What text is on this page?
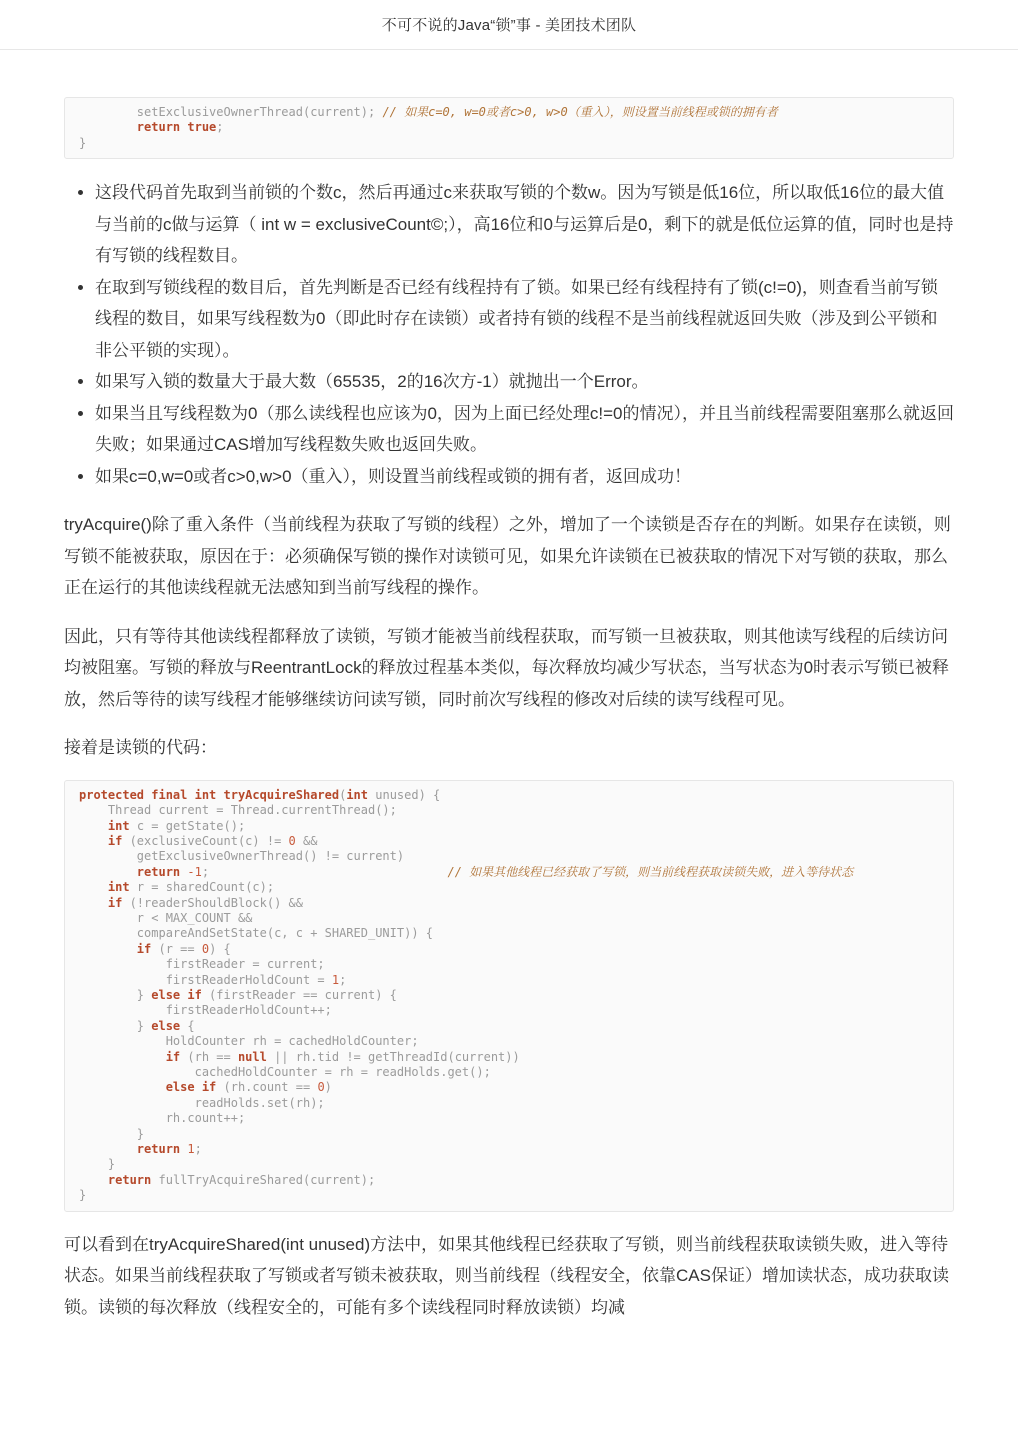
不可不说的Java“锁”事 - 美团技术团队
setExclusiveOwnerThread(current); // 如果c=0, w=0或者c>0, w>0（重入），则设置当前线程或锁的拥有者
return true;
}
• 这段代码首先取到当前锁的个数c，然后再通过c来获取写锁的个数w。因为写锁是低16位，所以取低16位的最大值与当前的c做与运算（ int w = exclusiveCount©;），高16位和0与运算后是0，剩下的就是低位运算的值，同时也是持有写锁的线程数目。
• 在取到写锁线程的数目后，首先判断是否已经有线程持有了锁。如果已经有线程持有了锁(c!=0)，则查看当前写锁线程的数目，如果写线程数为0（即此时存在读锁）或者持有锁的线程不是当前线程就返回失败（涉及到公平锁和非公平锁的实现）。
• 如果写入锁的数量大于最大数（65535，2的16次方-1）就抛出一个Error。
• 如果当且写线程数为0（那么读线程也应该为0，因为上面已经处理c!=0的情况），并且当前线程需要阻塞那么就返回失败；如果通过CAS增加写线程数失败也返回失败。
• 如果c=0,w=0或者c>0,w>0（重入），则设置当前线程或锁的拥有者，返回成功！

tryAcquire()除了重入条件（当前线程为获取了写锁的线程）之外，增加了一个读锁是否存在的判断。如果存在读锁，则写锁不能被获取，原因在于：必须确保写锁的操作对读锁可见，如果允许读锁在已被获取的情况下对写锁的获取，那么正在运行的其他读线程就无法感知到当前写线程的操作。

因此，只有等待其他读线程都释放了读锁，写锁才能被当前线程获取，而写锁一旦被获取，则其他读写线程的后续访问均被阻塞。写锁的释放与ReentrantLock的释放过程基本类似，每次释放均减少写状态，当写状态为0时表示写锁已被释放，然后等待的读写线程才能够继续访问读写锁，同时前次写线程的修改对后续的读写线程可见。

接着是读锁的代码：

protected final int tryAcquireShared(int unused) {
Thread current = Thread.currentThread();
int c = getState();
if (exclusiveCount(c) != 0 &&
getExclusiveOwnerThread() != current)
return -1;                                 // 如果其他线程已经获取了写锁，则当前线程获取读锁失败，进入等待状态
int r = sharedCount(c);
if (!readerShouldBlock() &&
r < MAX_COUNT &&
compareAndSetState(c, c + SHARED_UNIT)) {
if (r == 0) {
firstReader = current;
firstReaderHoldCount = 1;
} else if (firstReader == current) {
firstReaderHoldCount++;
} else {
HoldCounter rh = cachedHoldCounter;
if (rh == null || rh.tid != getThreadId(current))
cachedHoldCounter = rh = readHolds.get();
else if (rh.count == 0)
readHolds.set(rh);
rh.count++;
}
return 1;
}
return fullTryAcquireShared(current);
}

可以看到在tryAcquireShared(int unused)方法中，如果其他线程已经获取了写锁，则当前线程获取读锁失败，进入等待状态。如果当前线程获取了写锁或者写锁未被获取，则当前线程（线程安全，依靠CAS保证）增加读状态，成功获取读锁。读锁的每次释放（线程安全的，可能有多个读线程同时释放读锁）均减
